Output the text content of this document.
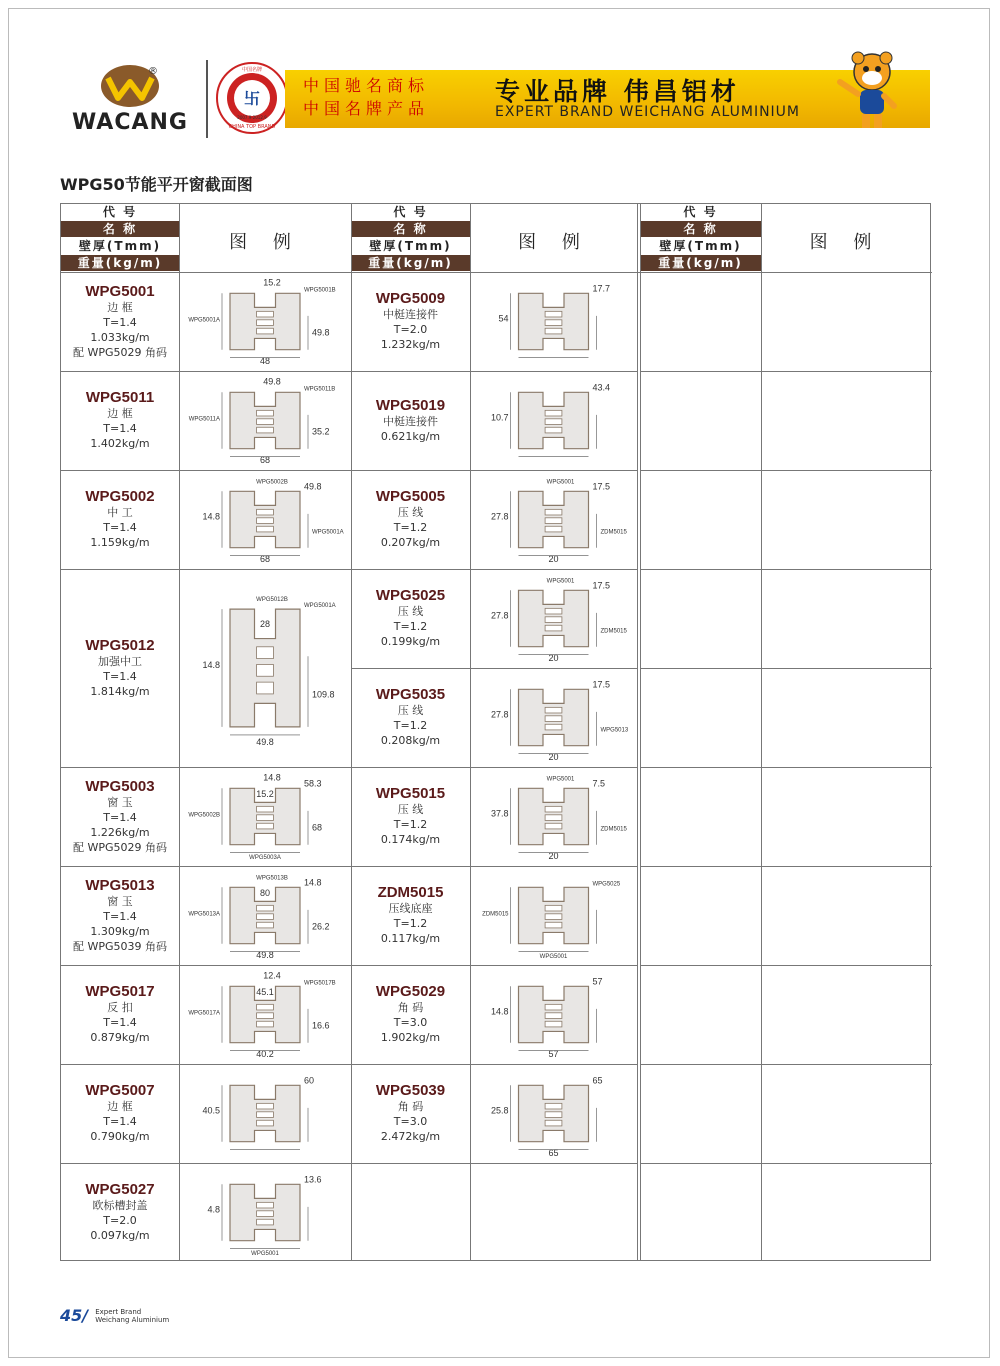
WACANG
®
卐
CHINA TOP BRAND
中国名牌
2007.9-2012.9
中国驰名商标
中国名牌产品
专业品牌 伟昌铝材
EXPERT BRAND WEICHANG ALUMINIUM
WPG50节能平开窗截面图
代 号
名 称
壁厚(Tmm)
重量(kg/m)
图 例
代 号
名 称
壁厚(Tmm)
重量(kg/m)
图 例
代 号
名 称
壁厚(Tmm)
重量(kg/m)
图 例
WPG5001
边 框
T=1.4
1.033kg/m
配 WPG5029 角码
WPG5001B
WPG5001A
48
49.8
15.2
WPG5011
边 框
T=1.4
1.402kg/m
WPG5011B
WPG5011A
68
35.2
49.8
WPG5002
中 工
T=1.4
1.159kg/m
49.8
14.8
68
WPG5001A
WPG5002B
WPG5012
加强中工
T=1.4
1.814kg/m
WPG5001A
14.8
49.8
109.8
WPG5012B
28
WPG5003
窗 玉
T=1.4
1.226kg/m
配 WPG5029 角码
58.3
WPG5002B
WPG5003A
68
14.8
15.2
WPG5013
窗 玉
T=1.4
1.309kg/m
配 WPG5039 角码
14.8
WPG5013A
49.8
26.2
WPG5013B
80
WPG5017
反 扣
T=1.4
0.879kg/m
WPG5017B
WPG5017A
40.2
16.6
12.4
45.1
WPG5007
边 框
T=1.4
0.790kg/m
60
40.5
WPG5027
欧标槽封盖
T=2.0
0.097kg/m
13.6
4.8
WPG5001
WPG5009
中梃连接件
T=2.0
1.232kg/m
17.7
54
WPG5019
中梃连接件
0.621kg/m
43.4
10.7
WPG5005
压 线
T=1.2
0.207kg/m
17.5
27.8
20
ZDM5015
WPG5001
WPG5025
压 线
T=1.2
0.199kg/m
17.5
27.8
20
ZDM5015
WPG5001
WPG5035
压 线
T=1.2
0.208kg/m
17.5
27.8
20
WPG5013
WPG5015
压 线
T=1.2
0.174kg/m
7.5
37.8
20
ZDM5015
WPG5001
ZDM5015
压线底座
T=1.2
0.117kg/m
WPG5025
ZDM5015
WPG5001
WPG5029
角 码
T=3.0
1.902kg/m
57
14.8
57
WPG5039
角 码
T=3.0
2.472kg/m
65
25.8
65
45/ Expert Brand
Weichang Aluminium
